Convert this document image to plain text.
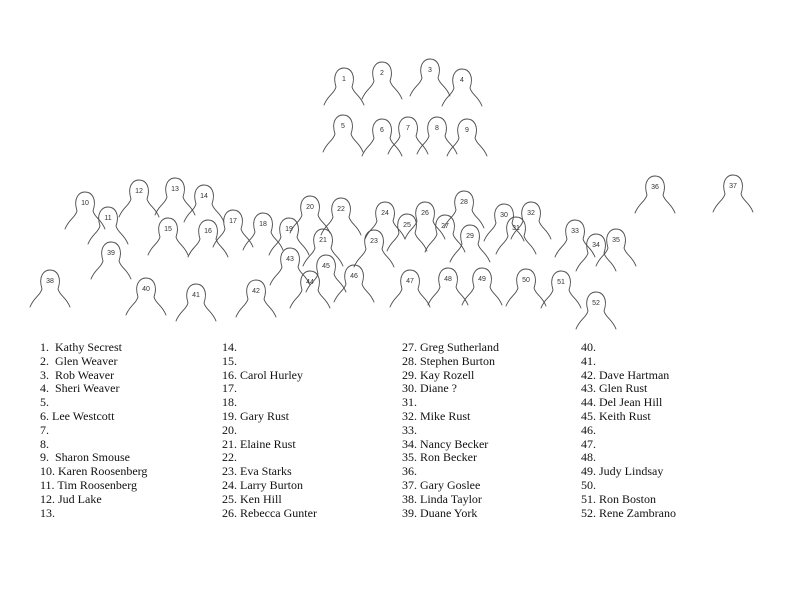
1
2	3
4
5
6	7	8	9
10
11
12	13
14
15	16
17	18
19
20
21
22
23
24
25
26
27
28
29
30
31
32
33
34
35
36	37
38
39
40
41
42
43
44
45
46
47	48	49	50	51
52
1.  Kathy Secrest
2.  Glen Weaver
3.  Rob Weaver
4.  Sheri Weaver
5.
6. Lee Westcott
7.
8.
9.  Sharon Smouse
10. Karen Roosenberg
11. Tim Roosenberg
12. Jud Lake
13.
14.
15.
16. Carol Hurley
17.
18.
19. Gary Rust
20.
21. Elaine Rust
22.
23. Eva Starks
24. Larry Burton
25. Ken Hill
26. Rebecca Gunter
27. Greg Sutherland
28. Stephen Burton
29. Kay Rozell
30. Diane ?
31.
32. Mike Rust
33.
34. Nancy Becker
35. Ron Becker
36.
37. Gary Goslee
38. Linda Taylor
39. Duane York
40.
41.
42. Dave Hartman
43. Glen Rust
44. Del Jean Hill
45. Keith Rust
46.
47.
48.
49. Judy Lindsay
50.
51. Ron Boston
52. Rene Zambrano
